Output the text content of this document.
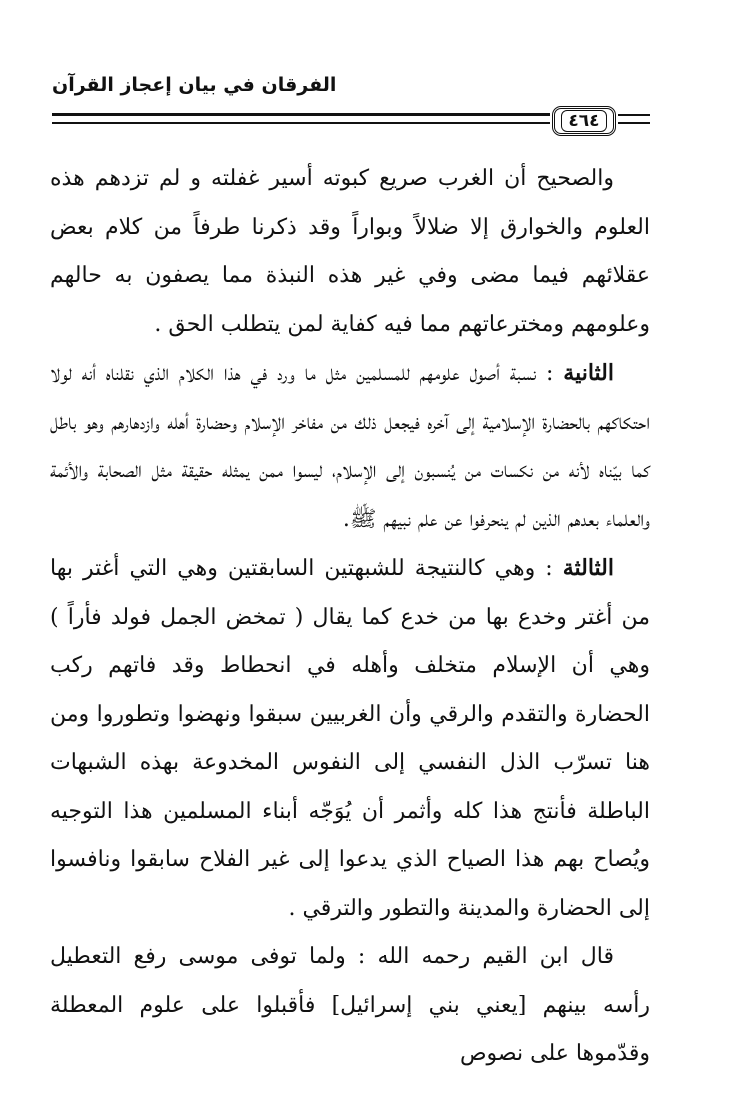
الفرقان في بيان إعجاز القرآن
٤٦٤

والصحيح أن الغرب صريع كبوته أسير غفلته و لم تزدهم هذه العلوم والخوارق إلا ضلالاً وبواراً وقد ذكرنا طرفاً من كلام بعض عقلائهم فيما مضى وفي غير هذه النبذة مما يصفون به حالهم وعلومهم ومخترعاتهم مما فيه كفاية لمن يتطلب الحق .

الثانية : نسبة أصول علومهم للمسلمين مثل ما ورد في هذا الكلام الذي نقلناه أنه لولا احتكاكهم بالحضارة الإسلامية إلى آخره فيجعل ذلك من مفاخر الإسلام وحضارة أهله وازدهارهم وهو باطل كما بيّناه لأنه من نكسات من يُنسبون إلى الإسلام، ليسوا ممن يمثله حقيقة مثل الصحابة والأئمة والعلماء بعدهم الذين لم ينحرفوا عن علم نبيهم ﷺ.

الثالثة : وهي كالنتيجة للشبهتين السابقتين وهي التي أغتر بها من أغتر وخدع بها من خدع كما يقال ( تمخض الجمل فولد فأراً ) وهي أن الإسلام متخلف وأهله في انحطاط وقد فاتهم ركب الحضارة والتقدم والرقي وأن الغربيين سبقوا ونهضوا وتطوروا ومن هنا تسرّب الذل النفسي إلى النفوس المخدوعة بهذه الشبهات الباطلة فأنتج هذا كله وأثمر أن يُوَجّه أبناء المسلمين هذا التوجيه ويُصاح بهم هذا الصياح الذي يدعوا إلى غير الفلاح سابقوا ونافسوا إلى الحضارة والمدينة والتطور والترقي .

قال ابن القيم رحمه الله : ولما توفى موسى رفع التعطيل رأسه بينهم [يعني بني إسرائيل] فأقبلوا على علوم المعطلة وقدّموها على نصوص
